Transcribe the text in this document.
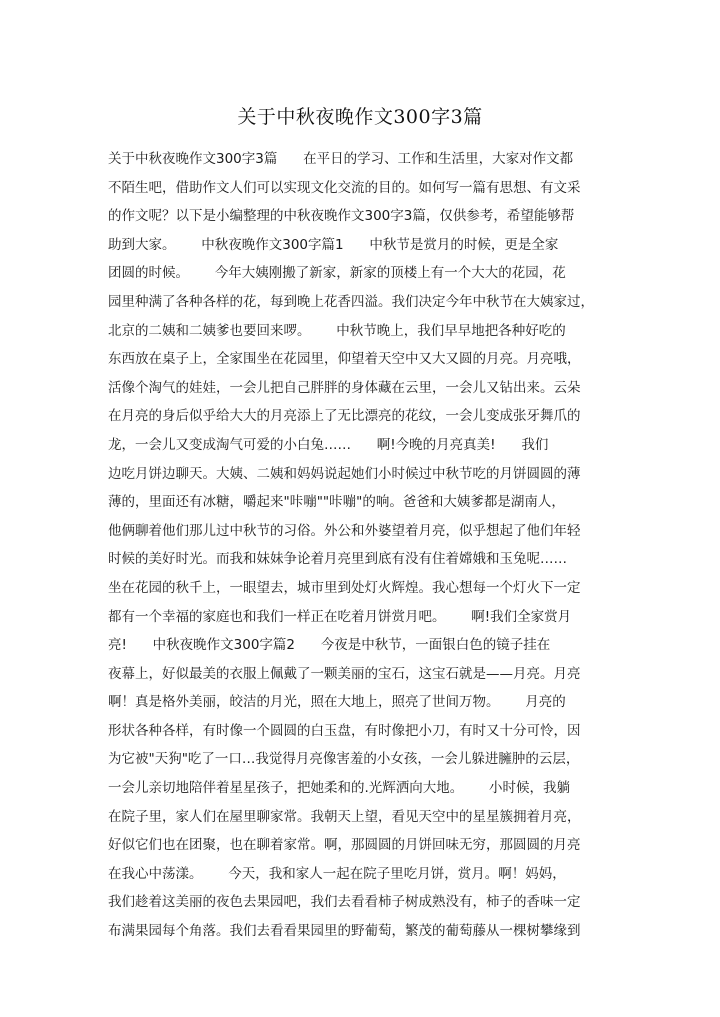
关于中秋夜晚作文300字3篇
关于中秋夜晚作文300字3篇      在平日的学习、工作和生活里，大家对作文都
不陌生吧，借助作文人们可以实现文化交流的目的。如何写一篇有思想、有文采
的作文呢？以下是小编整理的中秋夜晚作文300字3篇，仅供参考，希望能够帮
助到大家。      中秋夜晚作文300字篇1      中秋节是赏月的时候，更是全家
团圆的时候。      今年大姨刚搬了新家，新家的顶楼上有一个大大的花园，花
园里种满了各种各样的花，每到晚上花香四溢。我们决定今年中秋节在大姨家过，
北京的二姨和二姨爹也要回来啰。      中秋节晚上，我们早早地把各种好吃的
东西放在桌子上，全家围坐在花园里，仰望着天空中又大又圆的月亮。月亮哦，
活像个淘气的娃娃，一会儿把自己胖胖的身体藏在云里，一会儿又钻出来。云朵
在月亮的身后似乎给大大的月亮添上了无比漂亮的花纹，一会儿变成张牙舞爪的
龙，一会儿又变成淘气可爱的小白兔……      啊!今晚的月亮真美!      我们
边吃月饼边聊天。大姨、二姨和妈妈说起她们小时候过中秋节吃的月饼圆圆的薄
薄的，里面还有冰糖，嚼起来"咔嘣""咔嘣"的响。爸爸和大姨爹都是湖南人，
他俩聊着他们那儿过中秋节的习俗。外公和外婆望着月亮，似乎想起了他们年轻
时候的美好时光。而我和妹妹争论着月亮里到底有没有住着嫦娥和玉兔呢……
坐在花园的秋千上，一眼望去，城市里到处灯火辉煌。我心想每一个灯火下一定
都有一个幸福的家庭也和我们一样正在吃着月饼赏月吧。      啊!我们全家赏月
亮!      中秋夜晚作文300字篇2      今夜是中秋节，一面银白色的镜子挂在
夜幕上，好似最美的衣服上佩戴了一颗美丽的宝石，这宝石就是——月亮。月亮
啊！真是格外美丽，皎洁的月光，照在大地上，照亮了世间万物。      月亮的
形状各种各样，有时像一个圆圆的白玉盘，有时像把小刀，有时又十分可怜，因
为它被"天狗"吃了一口…我觉得月亮像害羞的小女孩，一会儿躲进臃肿的云层，
一会儿亲切地陪伴着星星孩子，把她柔和的.光辉洒向大地。      小时候，我躺
在院子里，家人们在屋里聊家常。我朝天上望，看见天空中的星星簇拥着月亮，
好似它们也在团聚，也在聊着家常。啊，那圆圆的月饼回味无穷，那圆圆的月亮
在我心中荡漾。      今天，我和家人一起在院子里吃月饼，赏月。啊！妈妈，
我们趁着这美丽的夜色去果园吧，我们去看看柿子树成熟没有，柿子的香味一定
布满果园每个角落。我们去看看果园里的野葡萄，繁茂的葡萄藤从一棵树攀缘到
